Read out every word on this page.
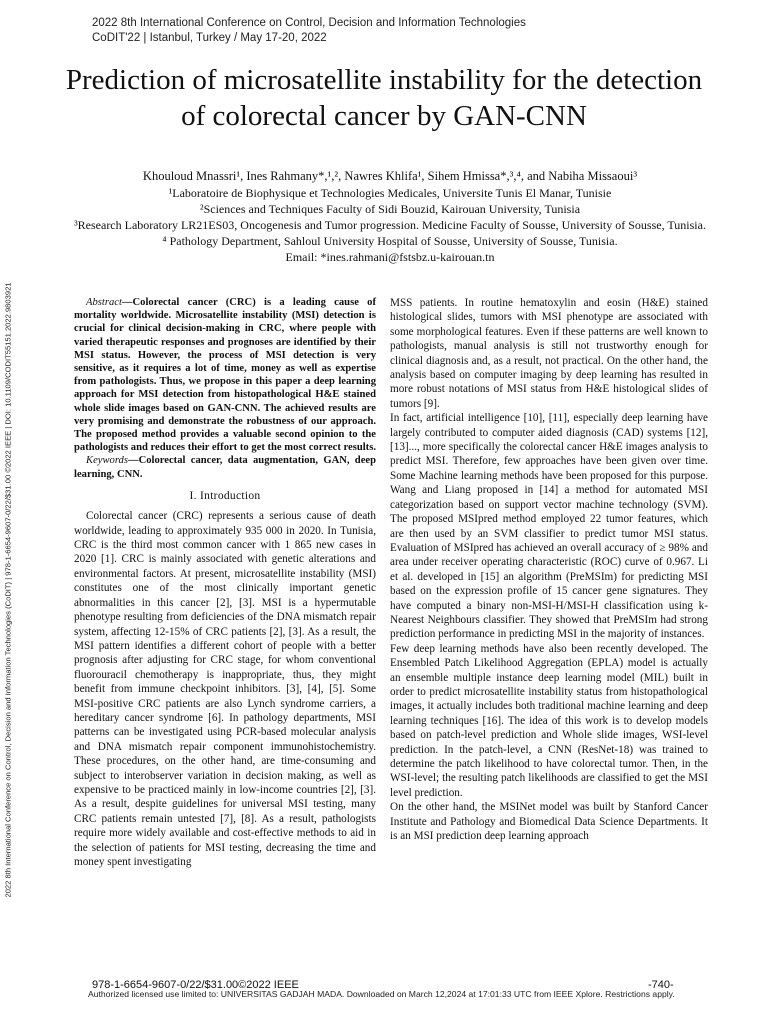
2022 8th International Conference on Control, Decision and Information Technologies
CoDIT'22 | Istanbul, Turkey / May 17-20, 2022
Prediction of microsatellite instability for the detection of colorectal cancer by GAN-CNN
Khouloud Mnassri¹, Ines Rahmany*,¹,², Nawres Khlifa¹, Sihem Hmissa*,³,⁴, and Nabiha Missaoui³
¹Laboratoire de Biophysique et Technologies Medicales, Universite Tunis El Manar, Tunisie
²Sciences and Techniques Faculty of Sidi Bouzid, Kairouan University, Tunisia
³Research Laboratory LR21ES03, Oncogenesis and Tumor progression. Medicine Faculty of Sousse, University of Sousse, Tunisia.
⁴ Pathology Department, Sahloul University Hospital of Sousse, University of Sousse, Tunisia.
Email: *ines.rahmani@fstsbz.u-kairouan.tn
2022 8th International Conference on Control, Decision and Information Technologies (CoDIT) | 978-1-6654-9607-0/22/$31.00 ©2022 IEEE | DOI: 10.1109/CODIT55151.2022.9803921	Abstract—Colorectal cancer (CRC) is a leading cause of mortality worldwide. Microsatellite instability (MSI) detection is crucial for clinical decision-making in CRC, where people with varied therapeutic responses and prognoses are identified by their MSI status. However, the process of MSI detection is very sensitive, as it requires a lot of time, money as well as expertise from pathologists. Thus, we propose in this paper a deep learning approach for MSI detection from histopathological H&E stained whole slide images based on GAN-CNN. The achieved results are very promising and demonstrate the robustness of our approach. The proposed method provides a valuable second opinion to the pathologists and reduces their effort to get the most correct results.

Keywords—Colorectal cancer, data augmentation, GAN, deep learning, CNN.

I. Introduction

Colorectal cancer (CRC) represents a serious cause of death worldwide, leading to approximately 935 000 in 2020. In Tunisia, CRC is the third most common cancer with 1 865 new cases in 2020 [1]. CRC is mainly associated with genetic alterations and environmental factors. At present, microsatellite instability (MSI) constitutes one of the most clinically important genetic abnormalities in this cancer [2], [3]. MSI is a hypermutable phenotype resulting from deficiencies of the DNA mismatch repair system, affecting 12-15% of CRC patients [2], [3]. As a result, the MSI pattern identifies a different cohort of people with a better prognosis after adjusting for CRC stage, for whom conventional fluorouracil chemotherapy is inappropriate, thus, they might benefit from immune checkpoint inhibitors. [3], [4], [5]. Some MSI-positive CRC patients are also Lynch syndrome carriers, a hereditary cancer syndrome [6]. In pathology departments, MSI patterns can be investigated using PCR-based molecular analysis and DNA mismatch repair component immunohistochemistry. These procedures, on the other hand, are time-consuming and subject to interobserver variation in decision making, as well as expensive to be practiced mainly in low-income countries [2], [3]. As a result, despite guidelines for universal MSI testing, many CRC patients remain untested [7], [8]. As a result, pathologists require more widely available and cost-effective methods to aid in the selection of patients for MSI testing, decreasing the time and money spent investigating

MSS patients. In routine hematoxylin and eosin (H&E) stained histological slides, tumors with MSI phenotype are associated with some morphological features. Even if these patterns are well known to pathologists, manual analysis is still not trustworthy enough for clinical diagnosis and, as a result, not practical. On the other hand, the analysis based on computer imaging by deep learning has resulted in more robust notations of MSI status from H&E histological slides of tumors [9].

In fact, artificial intelligence [10], [11], especially deep learning have largely contributed to computer aided diagnosis (CAD) systems [12], [13]..., more specifically the colorectal cancer H&E images analysis to predict MSI. Therefore, few approaches have been given over time. Some Machine learning methods have been proposed for this purpose. Wang and Liang proposed in [14] a method for automated MSI categorization based on support vector machine technology (SVM). The proposed MSIpred method employed 22 tumor features, which are then used by an SVM classifier to predict tumor MSI status. Evaluation of MSIpred has achieved an overall accuracy of ≥ 98% and area under receiver operating characteristic (ROC) curve of 0.967. Li et al. developed in [15] an algorithm (PreMSIm) for predicting MSI based on the expression profile of 15 cancer gene signatures. They have computed a binary non-MSI-H/MSI-H classification using k-Nearest Neighbours classifier. They showed that PreMSIm had strong prediction performance in predicting MSI in the majority of instances.

Few deep learning methods have also been recently developed. The Ensembled Patch Likelihood Aggregation (EPLA) model is actually an ensemble multiple instance deep learning model (MIL) built in order to predict microsatellite instability status from histopathological images, it actually includes both traditional machine learning and deep learning techniques [16]. The idea of this work is to develop models based on patch-level prediction and Whole slide images, WSI-level prediction. In the patch-level, a CNN (ResNet-18) was trained to determine the patch likelihood to have colorectal tumor. Then, in the WSI-level; the resulting patch likelihoods are classified to get the MSI level prediction.

On the other hand, the MSINet model was built by Stanford Cancer Institute and Pathology and Biomedical Data Science Departments. It is an MSI prediction deep learning approach

978-1-6654-9607-0/22/$31.00©2022 IEEE	-740-
Authorized licensed use limited to: UNIVERSITAS GADJAH MADA. Downloaded on March 12,2024 at 17:01:33 UTC from IEEE Xplore. Restrictions apply.
